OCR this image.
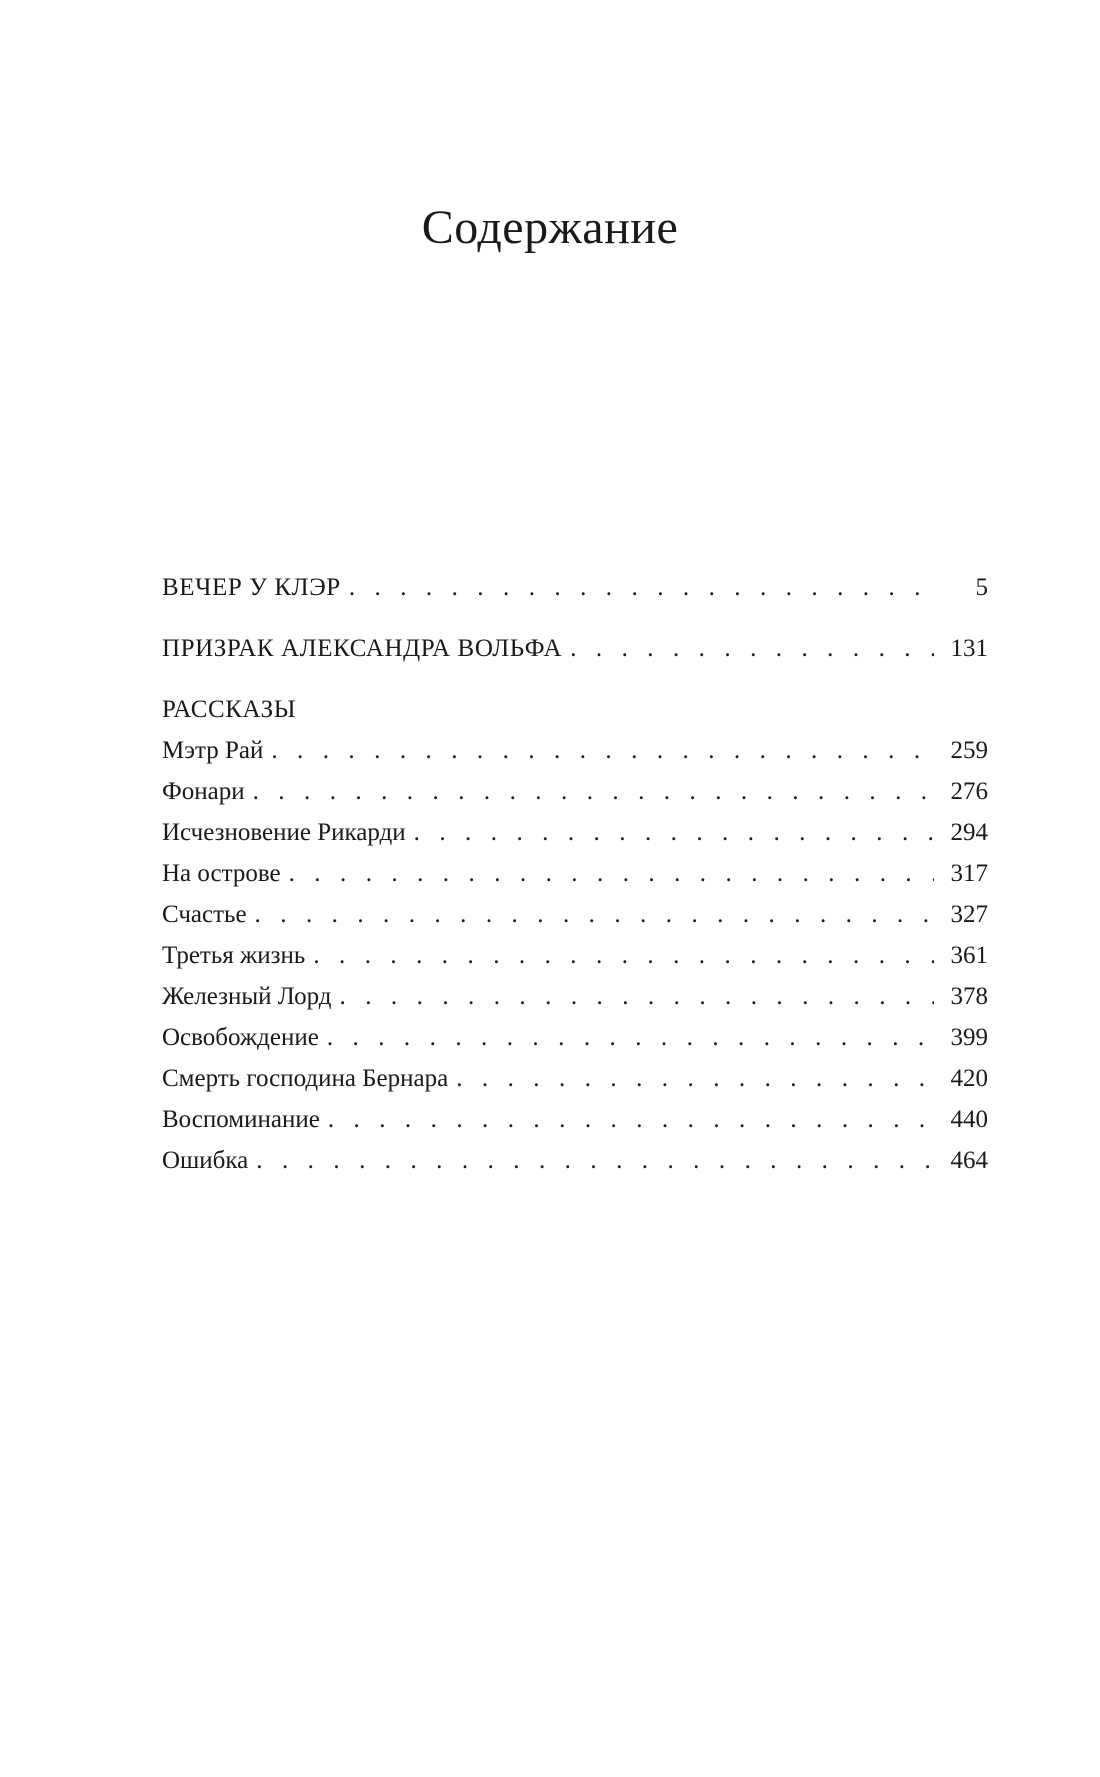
Содержание
ВЕЧЕР У КЛЭР . . .	5
ПРИЗРАК АЛЕКСАНДРА ВОЛЬФА . . .	131
РАССКАЗЫ
Мэтр Рай . . .	259
Фонари . . .	276
Исчезновение Рикарди . . .	294
На острове . . .	317
Счастье . . .	327
Третья жизнь . . .	361
Железный Лорд . . .	378
Освобождение . . .	399
Смерть господина Бернара . . .	420
Воспоминание . . .	440
Ошибка . . .	464
